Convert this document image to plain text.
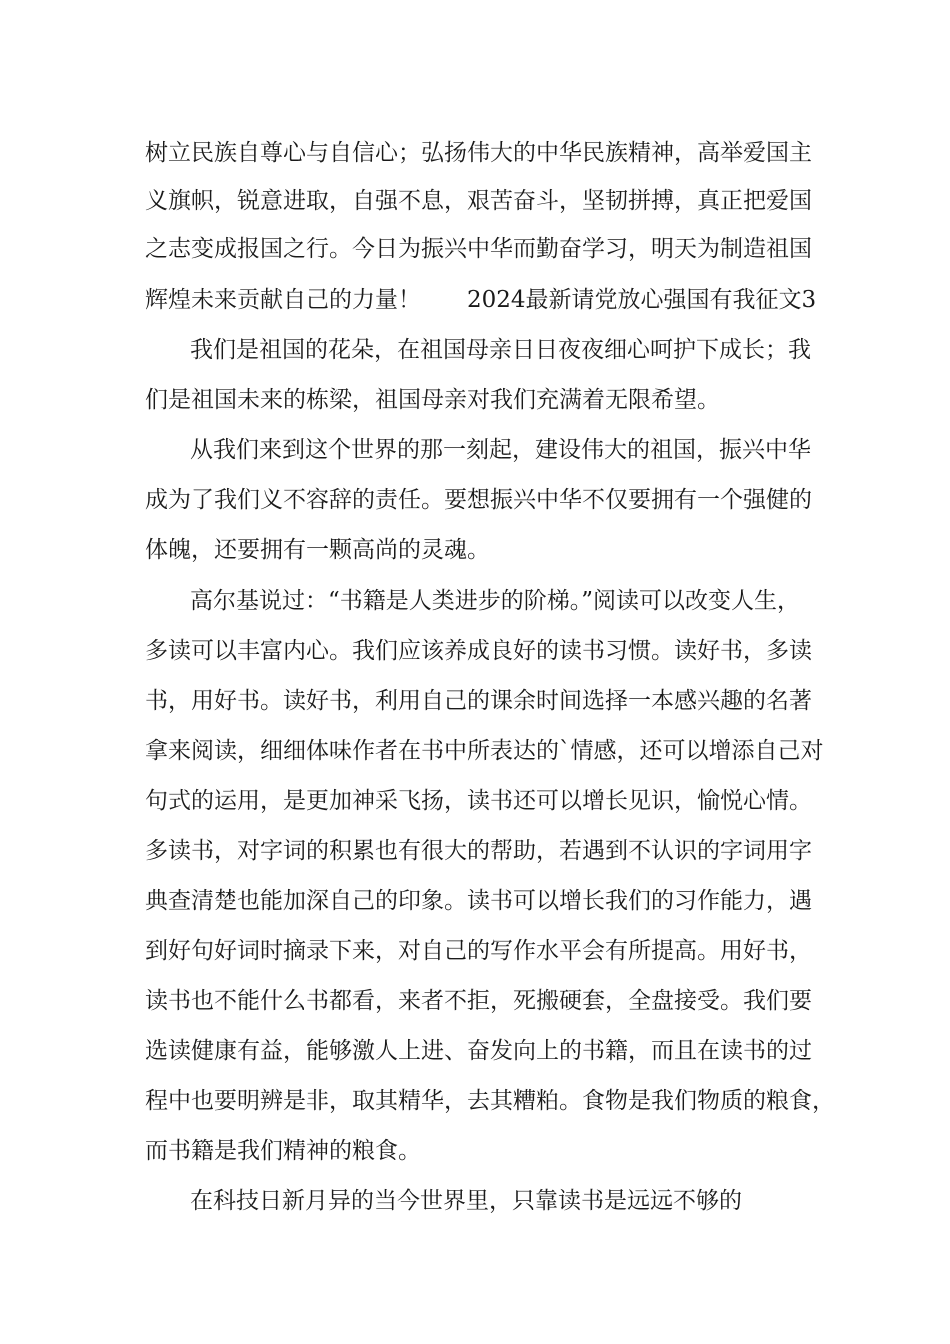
树立民族自尊心与自信心；弘扬伟大的中华民族精神，高举爱国主
义旗帜，锐意进取，自强不息，艰苦奋斗，坚韧拼搏，真正把爱国
之志变成报国之行。今日为振兴中华而勤奋学习，明天为制造祖国
辉煌未来贡献自己的力量！　　2024最新请党放心强国有我征文3
我们是祖国的花朵，在祖国母亲日日夜夜细心呵护下成长；我
们是祖国未来的栋梁，祖国母亲对我们充满着无限希望。
从我们来到这个世界的那一刻起，建设伟大的祖国，振兴中华
成为了我们义不容辞的责任。要想振兴中华不仅要拥有一个强健的
体魄，还要拥有一颗高尚的灵魂。
高尔基说过：“书籍是人类进步的阶梯。”阅读可以改变人生，
多读可以丰富内心。我们应该养成良好的读书习惯。读好书，多读
书，用好书。读好书，利用自己的课余时间选择一本感兴趣的名著
拿来阅读，细细体味作者在书中所表达的`情感，还可以增添自己对
句式的运用，是更加神采飞扬，读书还可以增长见识，愉悦心情。
多读书，对字词的积累也有很大的帮助，若遇到不认识的字词用字
典查清楚也能加深自己的印象。读书可以增长我们的习作能力，遇
到好句好词时摘录下来，对自己的写作水平会有所提高。用好书，
读书也不能什么书都看，来者不拒，死搬硬套，全盘接受。我们要
选读健康有益，能够激人上进、奋发向上的书籍，而且在读书的过
程中也要明辨是非，取其精华，去其糟粕。食物是我们物质的粮食，
而书籍是我们精神的粮食。
在科技日新月异的当今世界里，只靠读书是远远不够的
